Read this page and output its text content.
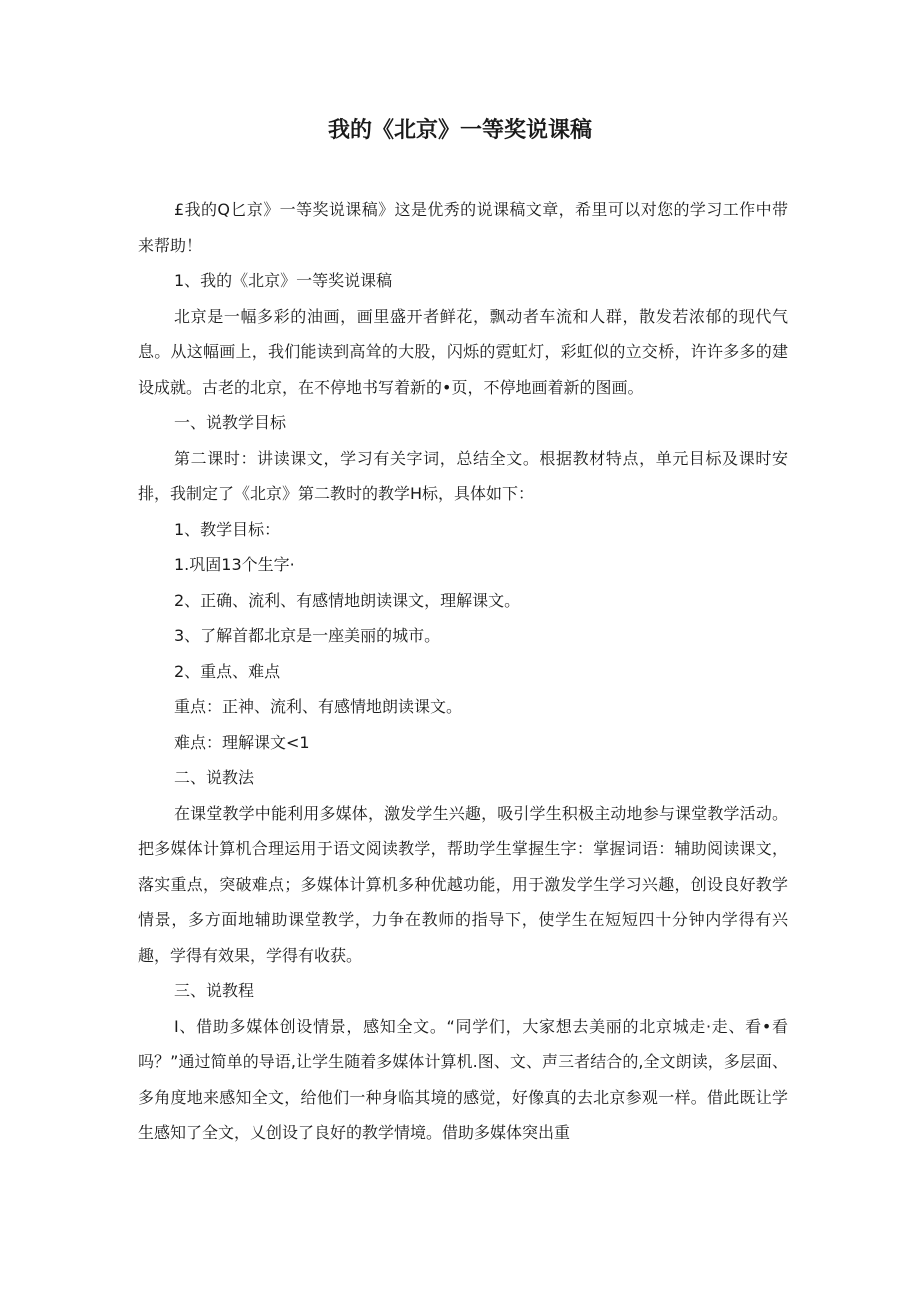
我的《北京》一等奖说课稿

£我的Q匕京》一等奖说课稿》这是优秀的说课稿文章，希里可以对您的学习工作中带来帮助！

1、我的《北京》一等奖说课稿

北京是一幅多彩的油画，画里盛开者鲜花，飘动者车流和人群，散发若浓郁的现代气息。从这幅画上，我们能读到高耸的大股，闪烁的霓虹灯，彩虹似的立交桥，许许多多的建设成就。古老的北京，在不停地书写着新的•页，不停地画着新的图画。

一、说教学目标

第二课时：讲读课文，学习有关字词，总结全文。根据教材特点，单元目标及课时安排，我制定了《北京》第二教时的教学H标，具体如下：

1、教学目标：

1.巩固13个生字·

2、正确、流利、有感情地朗读课文，理解课文。

3、了解首都北京是一座美丽的城市。

2、重点、难点

重点：正神、流利、有感情地朗读课文。

难点：理解课文<1

二、说教法

在课堂教学中能利用多媒体，激发学生兴趣，吸引学生积极主动地参与课堂教学活动。把多媒体计算机合理运用于语文阅读教学，帮助学生掌握生字：掌握词语：辅助阅读课文，落实重点，突破难点；多媒体计算机多种优越功能，用于激发学生学习兴趣，创设良好教学情景，多方面地辅助课堂教学，力争在教师的指导下，使学生在短短四十分钟内学得有兴趣，学得有效果，学得有收获。

三、说教程

I、借助多媒体创设情景，感知全文。“同学们，大家想去美丽的北京城走·走、看•看吗？”通过简单的导语,让学生随着多媒体计算机.图、文、声三者结合的,全文朗读，多层面、多角度地来感知全文，给他们一种身临其境的感觉，好像真的去北京参观一样。借此既让学生感知了全文，乂创设了良好的教学情境。借助多媒体突出重
